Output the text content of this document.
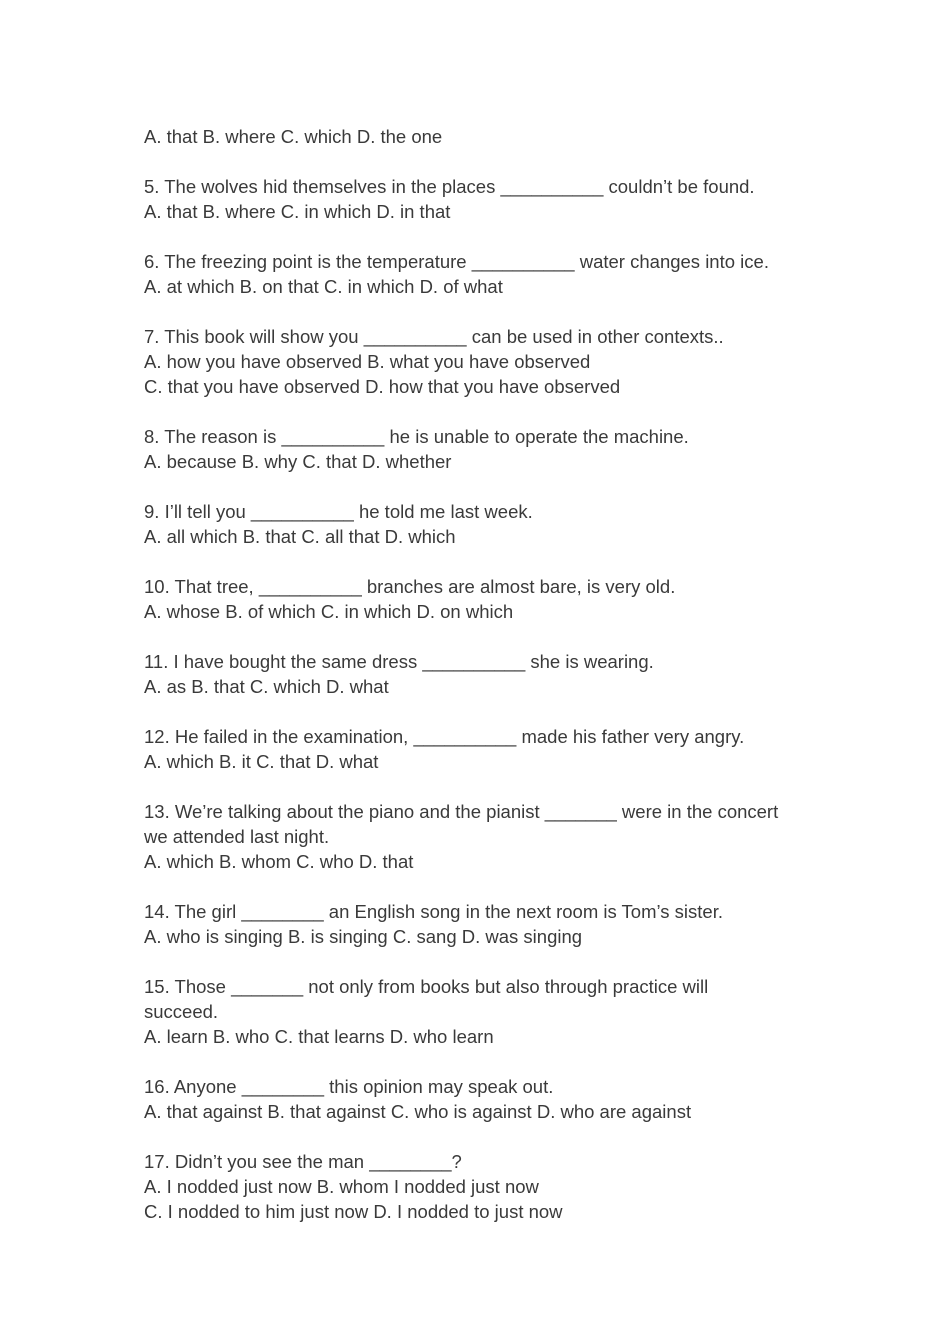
A. that B. where C. which D. the one
5. The wolves hid themselves in the places __________ couldn’t be found.
A. that B. where C. in which D. in that
6. The freezing point is the temperature __________ water changes into ice.
A. at which B. on that C. in which D. of what
7. This book will show you __________ can be used in other contexts..
A. how you have observed B. what you have observed
C. that you have observed D. how that you have observed
8. The reason is __________ he is unable to operate the machine.
A. because B. why C. that D. whether
9. I’ll tell you __________ he told me last week.
A. all which B. that C. all that D. which
10. That tree, __________ branches are almost bare, is very old.
A. whose B. of which C. in which D. on which
11. I have bought the same dress __________ she is wearing.
A. as B. that C. which D. what
12. He failed in the examination, __________ made his father very angry.
A. which B. it C. that D. what
13. We’re talking about the piano and the pianist _______ were in the concert
we attended last night.
A. which B. whom C. who D. that
14. The girl ________ an English song in the next room is Tom’s sister.
A. who is singing B. is singing C. sang D. was singing
15. Those _______ not only from books but also through practice will
succeed.
A. learn B. who C. that learns D. who learn
16. Anyone ________ this opinion may speak out.
A. that against B. that against C. who is against D. who are against
17. Didn’t you see the man ________?
A. I nodded just now B. whom I nodded just now
C. I nodded to him just now D. I nodded to just now
